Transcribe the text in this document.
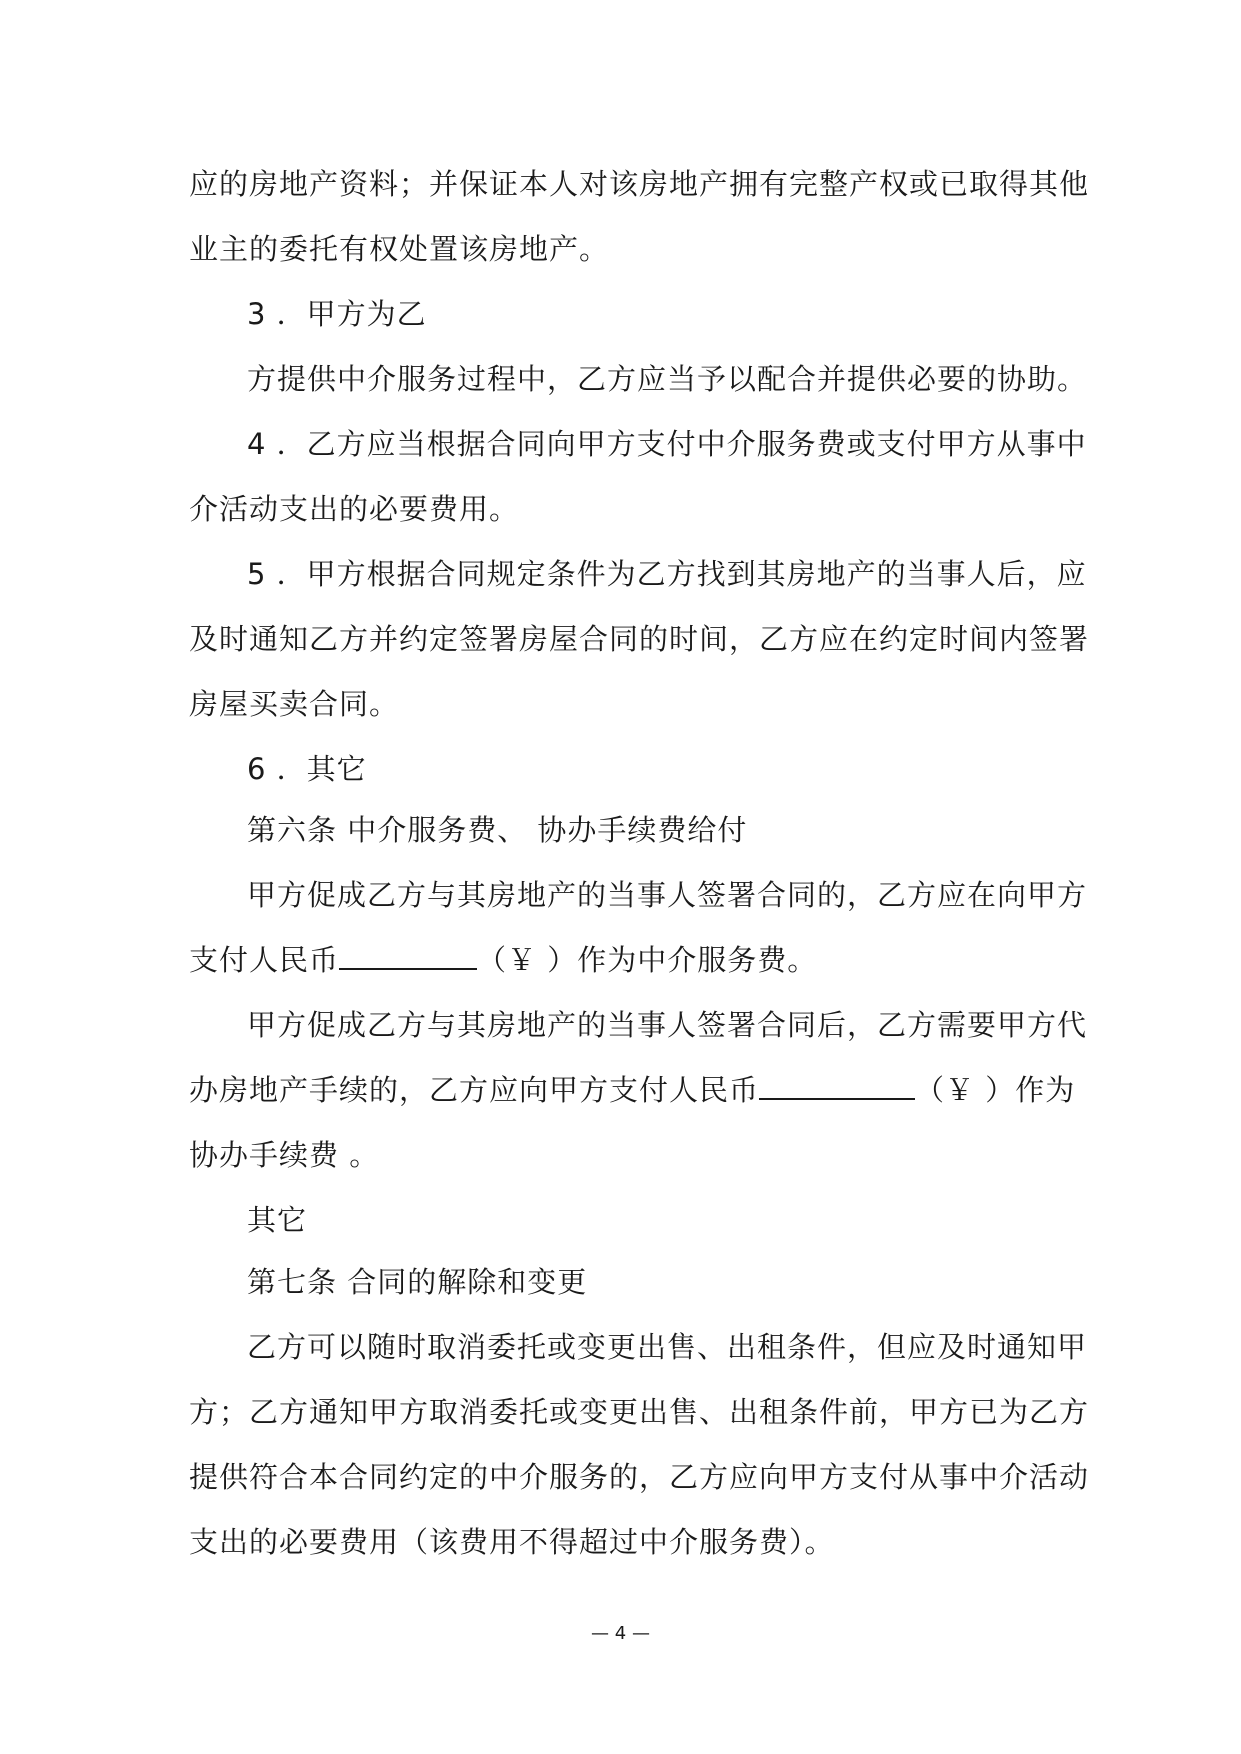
应的房地产资料；并保证本人对该房地产拥有完整产权或已取得其他
业主的委托有权处置该房地产。
3 ．甲方为乙
方提供中介服务过程中，乙方应当予以配合并提供必要的协助。
4 ．乙方应当根据合同向甲方支付中介服务费或支付甲方从事中
介活动支出的必要费用。
5 ．甲方根据合同规定条件为乙方找到其房地产的当事人后，应
及时通知乙方并约定签署房屋合同的时间，乙方应在约定时间内签署
房屋买卖合同。
6 ．其它
第六条 中介服务费、 协办手续费给付
甲方促成乙方与其房地产的当事人签署合同的，乙方应在向甲方
支付人民币	（￥ ）作为中介服务费。
甲方促成乙方与其房地产的当事人签署合同后，乙方需要甲方代
办房地产手续的，乙方应向甲方支付人民币	（￥ ）作为
协办手续费 。
其它
第七条 合同的解除和变更
乙方可以随时取消委托或变更出售、出租条件，但应及时通知甲
方；乙方通知甲方取消委托或变更出售、出租条件前，甲方已为乙方
提供符合本合同约定的中介服务的，乙方应向甲方支付从事中介活动
支出的必要费用（该费用不得超过中介服务费）。
— 4 —
